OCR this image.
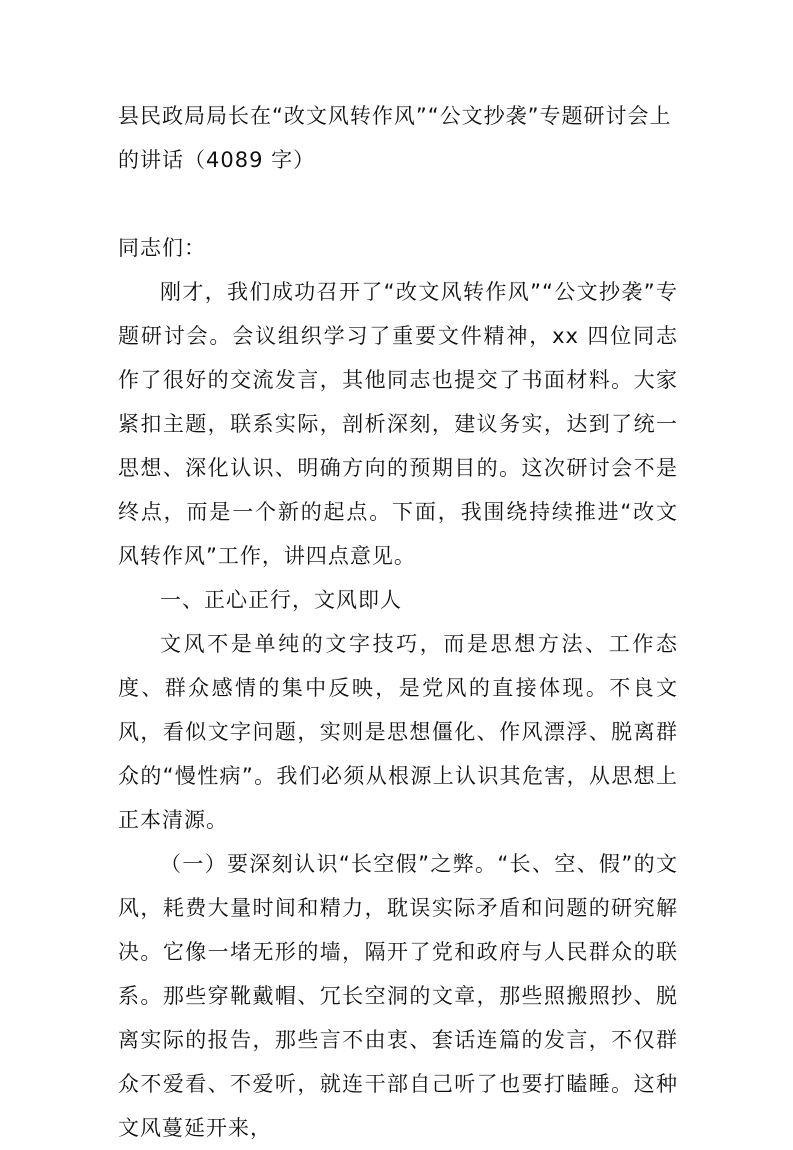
县民政局局长在“改文风转作风”“公文抄袭”专题研讨会上的讲话（4089 字）

同志们：

刚才，我们成功召开了“改文风转作风”“公文抄袭”专题研讨会。会议组织学习了重要文件精神，xx 四位同志作了很好的交流发言，其他同志也提交了书面材料。大家紧扣主题，联系实际，剖析深刻，建议务实，达到了统一思想、深化认识、明确方向的预期目的。这次研讨会不是终点，而是一个新的起点。下面，我围绕持续推进“改文风转作风”工作，讲四点意见。

一、正心正行，文风即人

文风不是单纯的文字技巧，而是思想方法、工作态度、群众感情的集中反映，是党风的直接体现。不良文风，看似文字问题，实则是思想僵化、作风漂浮、脱离群众的“慢性病”。我们必须从根源上认识其危害，从思想上正本清源。

（一）要深刻认识“长空假”之弊。“长、空、假”的文风，耗费大量时间和精力，耽误实际矛盾和问题的研究解决。它像一堵无形的墙，隔开了党和政府与人民群众的联系。那些穿靴戴帽、冗长空洞的文章，那些照搬照抄、脱离实际的报告，那些言不由衷、套话连篇的发言，不仅群众不爱看、不爱听，就连干部自己听了也要打瞌睡。这种文风蔓延开来，
